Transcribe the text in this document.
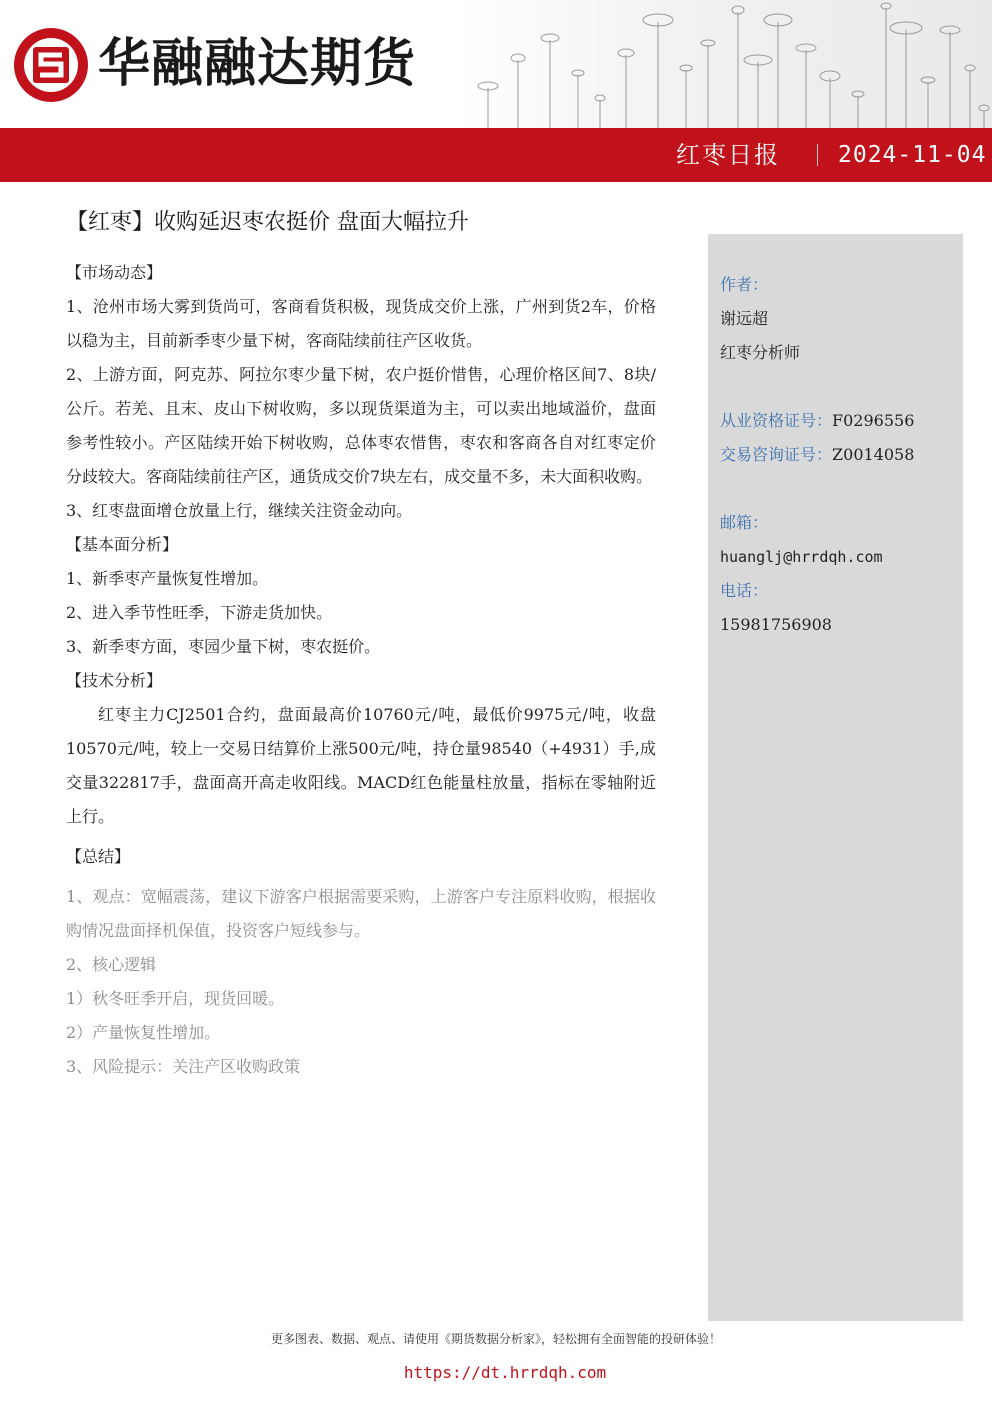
华融融达期货
红枣日报	2024-11-04
【红枣】收购延迟枣农挺价 盘面大幅拉升
【市场动态】
1、沧州市场大雾到货尚可，客商看货积极，现货成交价上涨，广州到货2车，价格以稳为主，目前新季枣少量下树，客商陆续前往产区收货。
2、上游方面，阿克苏、阿拉尔枣少量下树，农户挺价惜售，心理价格区间7、8块/公斤。若羌、且末、皮山下树收购，多以现货渠道为主，可以卖出地域溢价，盘面参考性较小。产区陆续开始下树收购，总体枣农惜售，枣农和客商各自对红枣定价分歧较大。客商陆续前往产区，通货成交价7块左右，成交量不多，未大面积收购。
3、红枣盘面增仓放量上行，继续关注资金动向。
【基本面分析】
1、新季枣产量恢复性增加。
2、进入季节性旺季，下游走货加快。
3、新季枣方面，枣园少量下树，枣农挺价。
【技术分析】
红枣主力CJ2501合约，盘面最高价10760元/吨，最低价9975元/吨，收盘10570元/吨，较上一交易日结算价上涨500元/吨，持仓量98540（+4931）手,成交量322817手，盘面高开高走收阳线。MACD红色能量柱放量，指标在零轴附近上行。
【总结】
1、观点：宽幅震荡，建议下游客户根据需要采购，上游客户专注原料收购，根据收购情况盘面择机保值，投资客户短线参与。
2、核心逻辑
1）秋冬旺季开启，现货回暖。
2）产量恢复性增加。
3、风险提示：关注产区收购政策
作者：
谢远超
红枣分析师
从业资格证号：F0296556
交易咨询证号：Z0014058
邮箱：
huanglj@hrrdqh.com
电话：
15981756908
更多图表、数据、观点、请使用《期货数据分析家》，轻松拥有全面智能的投研体验！
https://dt.hrrdqh.com
